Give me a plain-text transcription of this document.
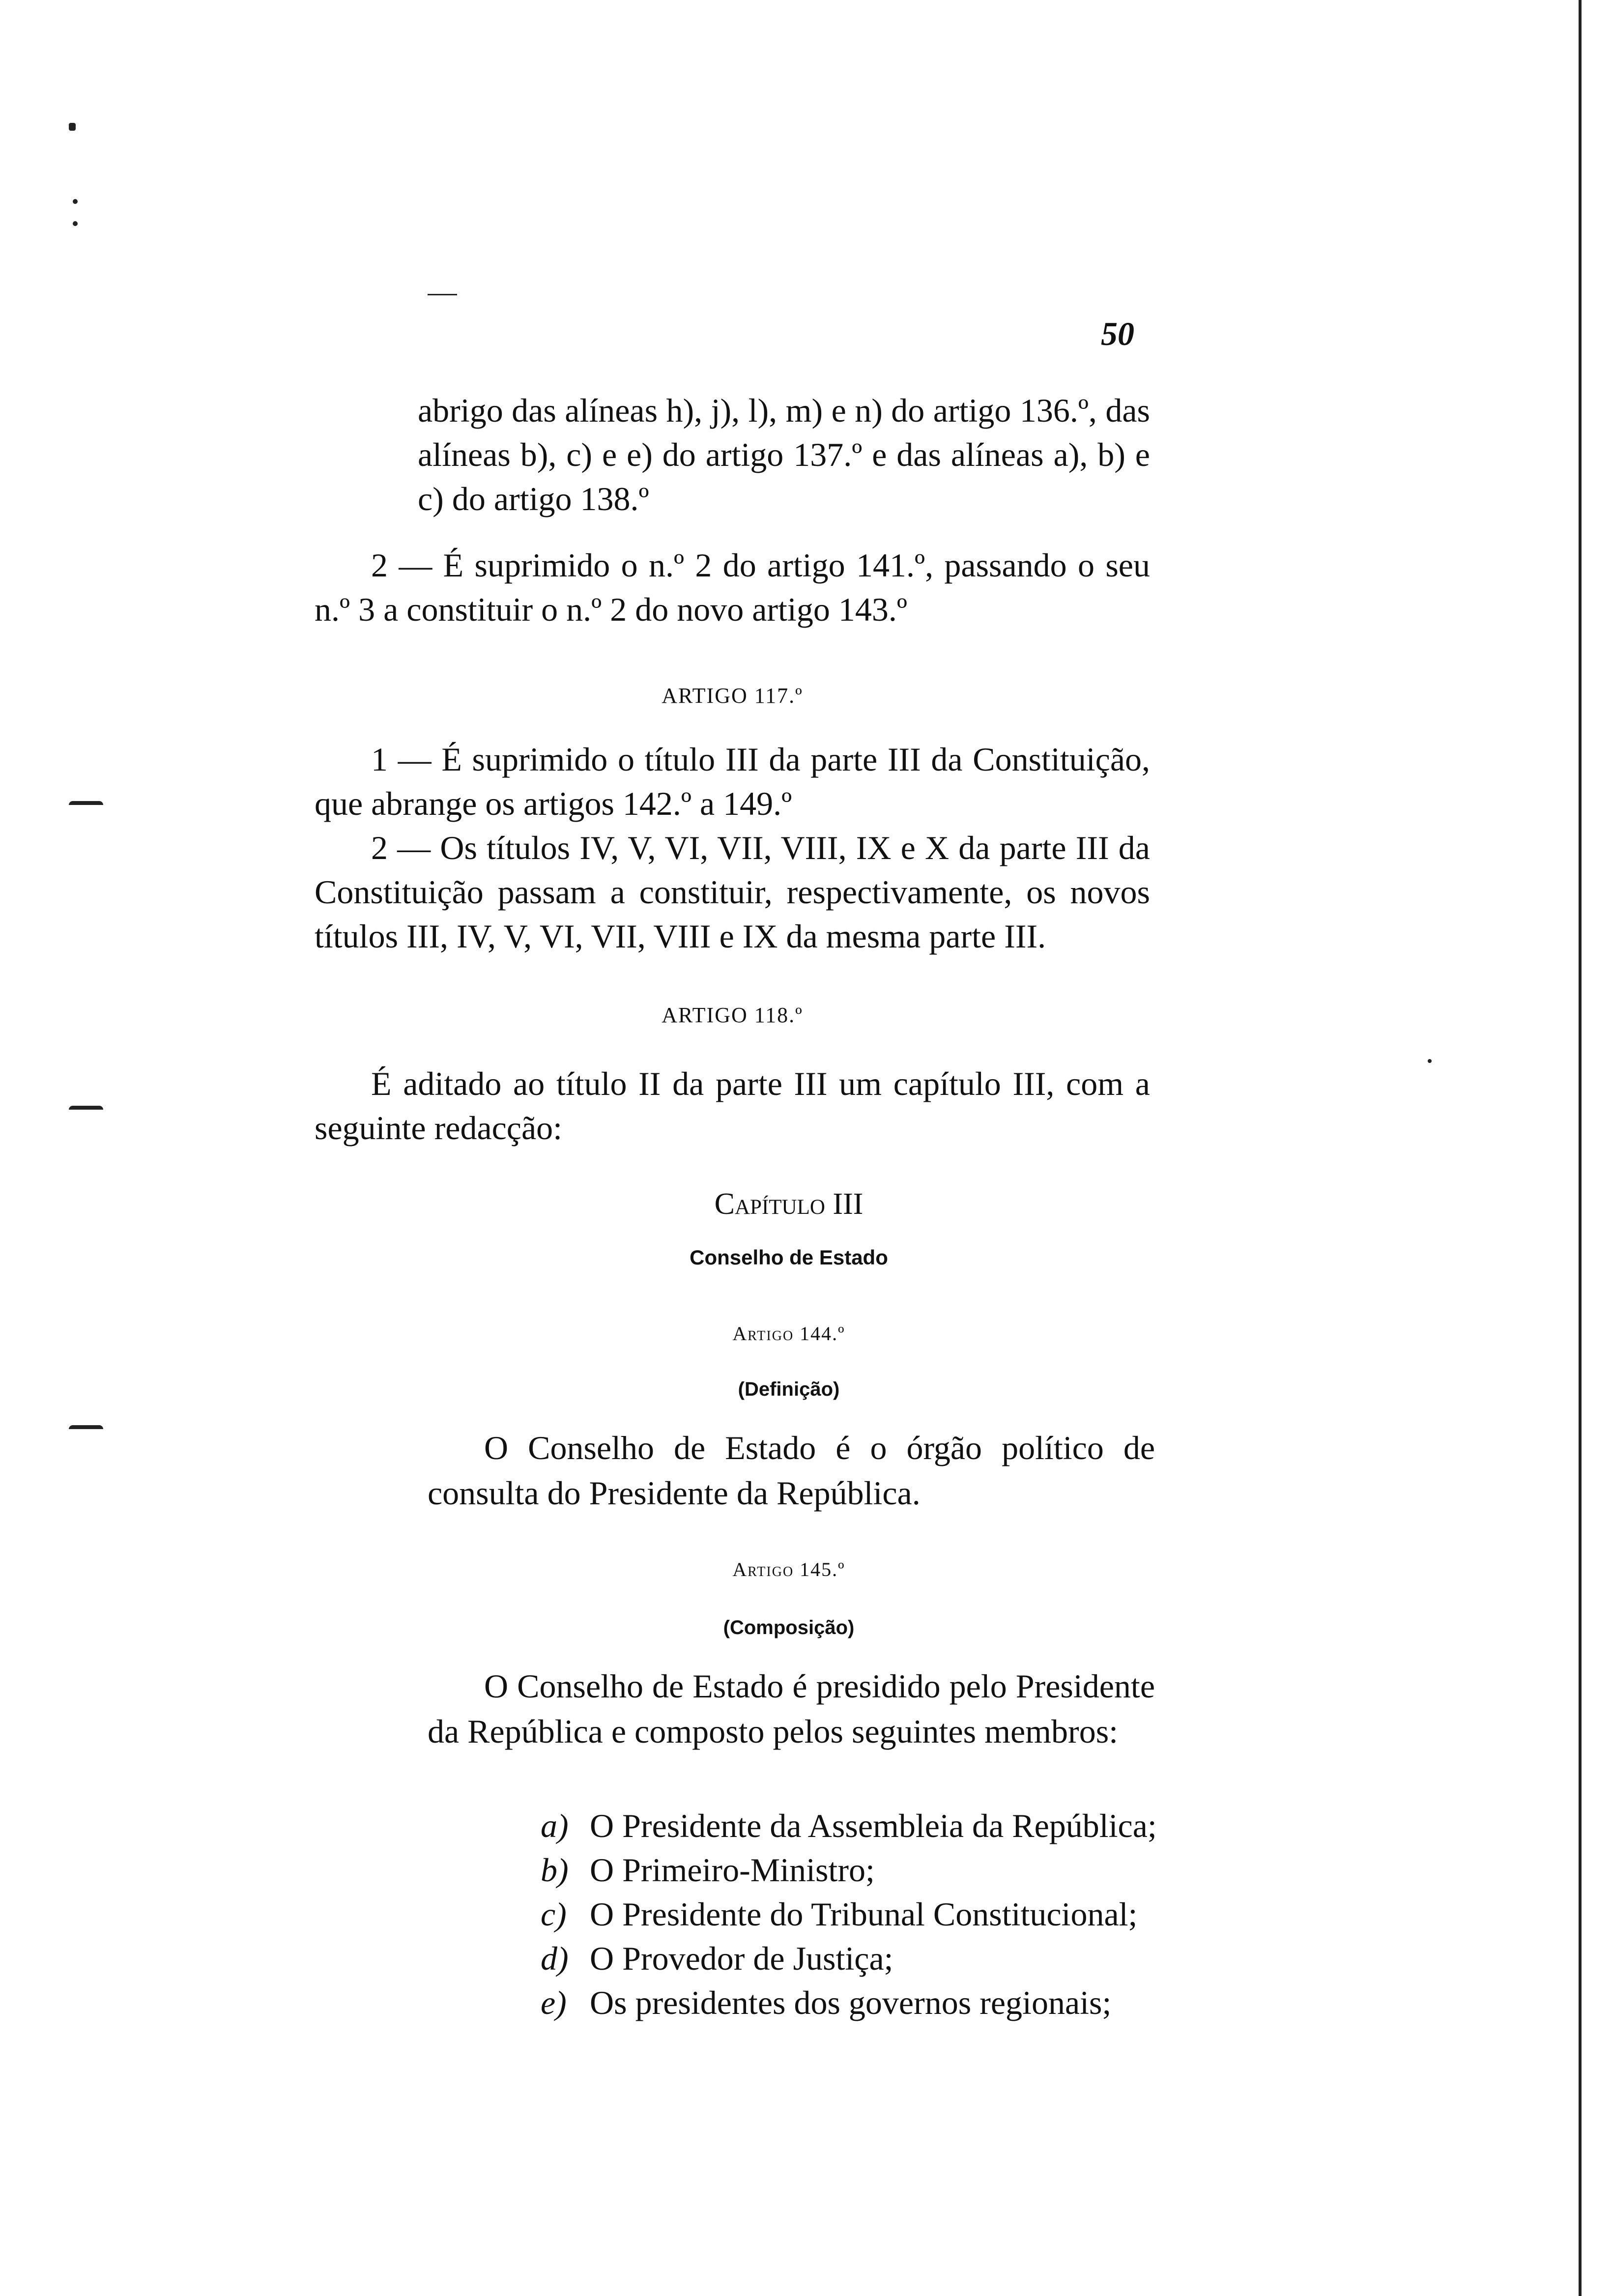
50

abrigo das alíneas h), j), l), m) e n) do artigo 136.º, das alíneas b), c) e e) do artigo 137.º e das alíneas a), b) e c) do artigo 138.º

2 — É suprimido o n.º 2 do artigo 141.º, passando o seu n.º 3 a constituir o n.º 2 do novo artigo 143.º

ARTIGO 117.º

1 — É suprimido o título III da parte III da Constituição, que abrange os artigos 142.º a 149.º

2 — Os títulos IV, V, VI, VII, VIII, IX e X da parte III da Constituição passam a constituir, respectivamente, os novos títulos III, IV, V, VI, VII, VIII e IX da mesma parte III.

ARTIGO 118.º

É aditado ao título II da parte III um capítulo III, com a seguinte redacção:

Capítulo III
Conselho de Estado
Artigo 144.º
(Definição)

O Conselho de Estado é o órgão político de consulta do Presidente da República.

Artigo 145.º
(Composição)

O Conselho de Estado é presidido pelo Presidente da República e composto pelos seguintes membros:

a) O Presidente da Assembleia da República;
b) O Primeiro-Ministro;
c) O Presidente do Tribunal Constitucional;
d) O Provedor de Justiça;
e) Os presidentes dos governos regionais;
